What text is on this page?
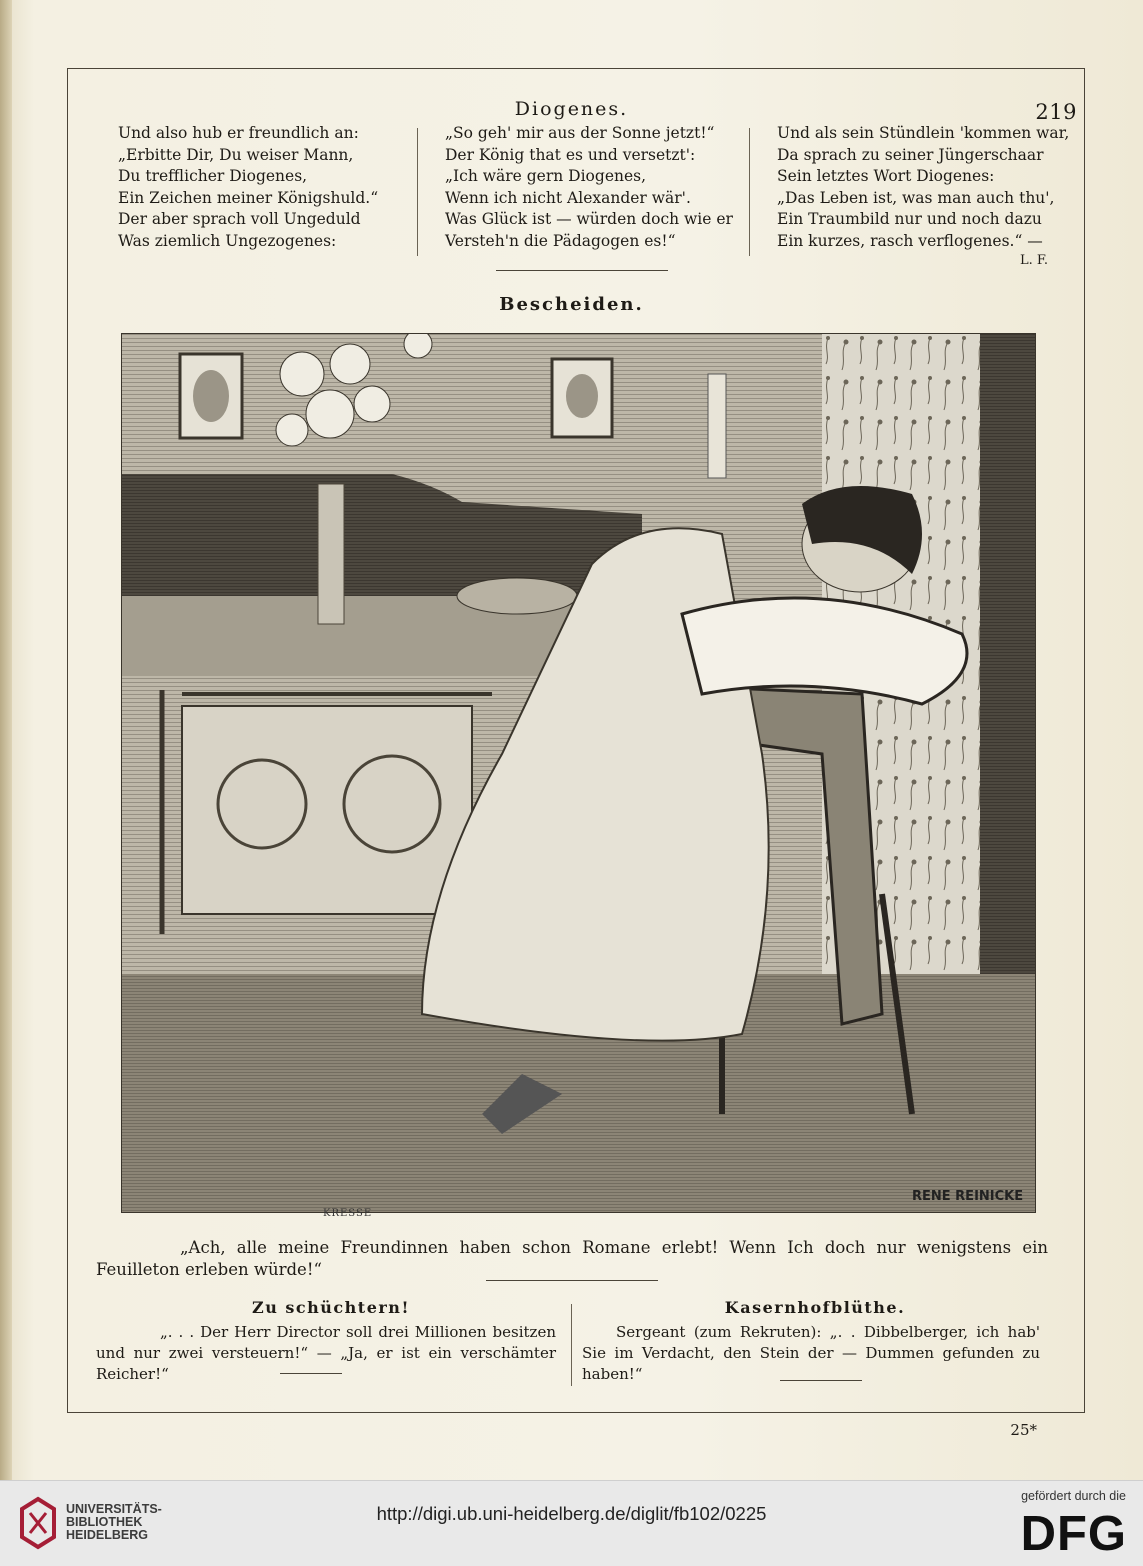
219
Diogenes.
Und also hub er freundlich an:
„Erbitte Dir, Du weiser Mann,
Du trefflicher Diogenes,
Ein Zeichen meiner Königshuld.“
Der aber sprach voll Ungeduld
Was ziemlich Ungezogenes:
„So geh' mir aus der Sonne jetzt!“
Der König that es und versetzt':
„Ich wäre gern Diogenes,
Wenn ich nicht Alexander wär'.
Was Glück ist — würden doch wie er
Versteh'n die Pädagogen es!“
Und als sein Stündlein 'kommen war,
Da sprach zu seiner Jüngerschaar
Sein letztes Wort Diogenes:
„Das Leben ist, was man auch thu',
Ein Traumbild nur und noch dazu
Ein kurzes, rasch verflogenes.“ —
L. F.
Bescheiden.
RENE REINICKE
KRESSE
„Ach, alle meine Freundinnen haben schon Romane erlebt! Wenn Ich doch nur wenigstens ein Feuilleton erleben würde!“
Zu schüchtern!
„. . . Der Herr Director soll drei Millionen besitzen und nur zwei versteuern!“ — „Ja, er ist ein verschämter Reicher!“
Kasernhofblüthe.
Sergeant (zum Rekruten): „. . Dibbelberger, ich hab' Sie im Verdacht, den Stein der — Dummen gefunden zu haben!“
25*
UNIVERSITÄTS-
BIBLIOTHEK
HEIDELBERG
http://digi.ub.uni-heidelberg.de/diglit/fb102/0225
gefördert durch die
DFG
